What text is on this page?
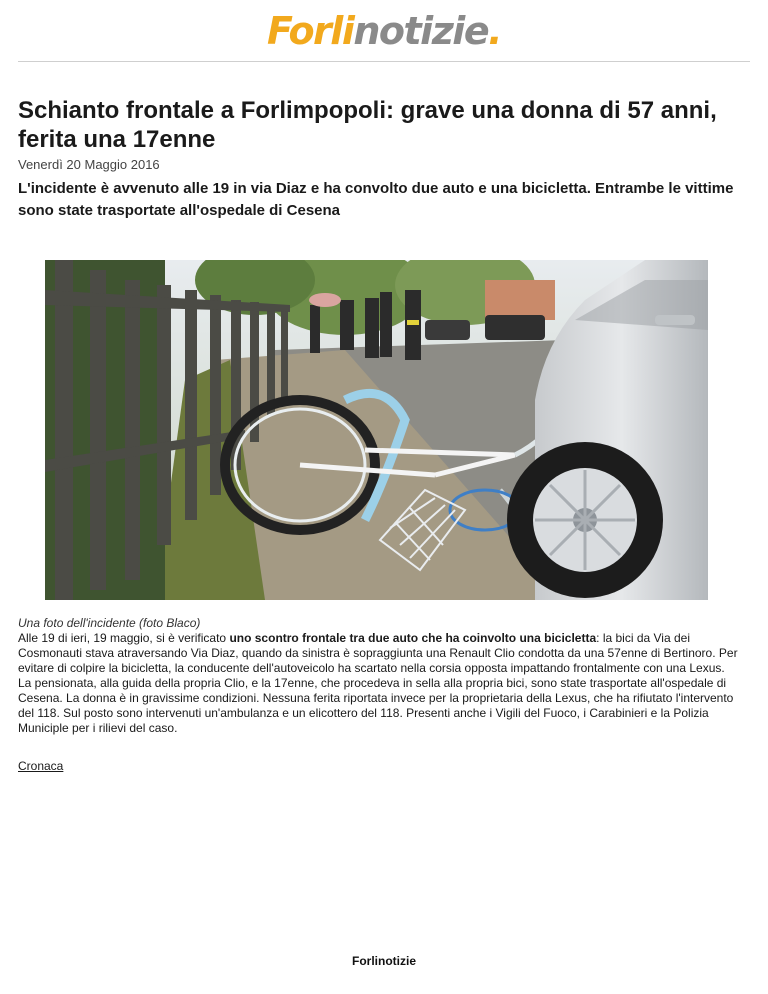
Forlinotizie.
Schianto frontale a Forlimpopoli: grave una donna di 57 anni, ferita una 17enne
Venerdì 20 Maggio 2016
L'incidente è avvenuto alle 19 in via Diaz e ha convolto due auto e una bicicletta. Entrambe le vittime sono state trasportate all'ospedale di Cesena
Una foto dell'incidente (foto Blaco)

Alle 19 di ieri, 19 maggio, si è verificato uno scontro frontale tra due auto che ha coinvolto una bicicletta: la bici da Via dei Cosmonauti stava atraversando Via Diaz, quando da sinistra è sopraggiunta una Renault Clio condotta da una 57enne di Bertinoro. Per evitare di colpire la bicicletta, la conducente dell'autoveicolo ha scartato nella corsia opposta impattando frontalmente con una Lexus.

La pensionata, alla guida della propria Clio, e la 17enne, che procedeva in sella alla propria bici, sono state trasportate all'ospedale di Cesena. La donna è in gravissime condizioni. Nessuna ferita riportata invece per la proprietaria della Lexus, che ha rifiutato l'intervento del 118. Sul posto sono intervenuti un'ambulanza e un elicottero del 118. Presenti anche i Vigili del Fuoco, i Carabinieri e la Polizia Municiple per i rilievi del caso.

Cronaca
Forlinotizie
